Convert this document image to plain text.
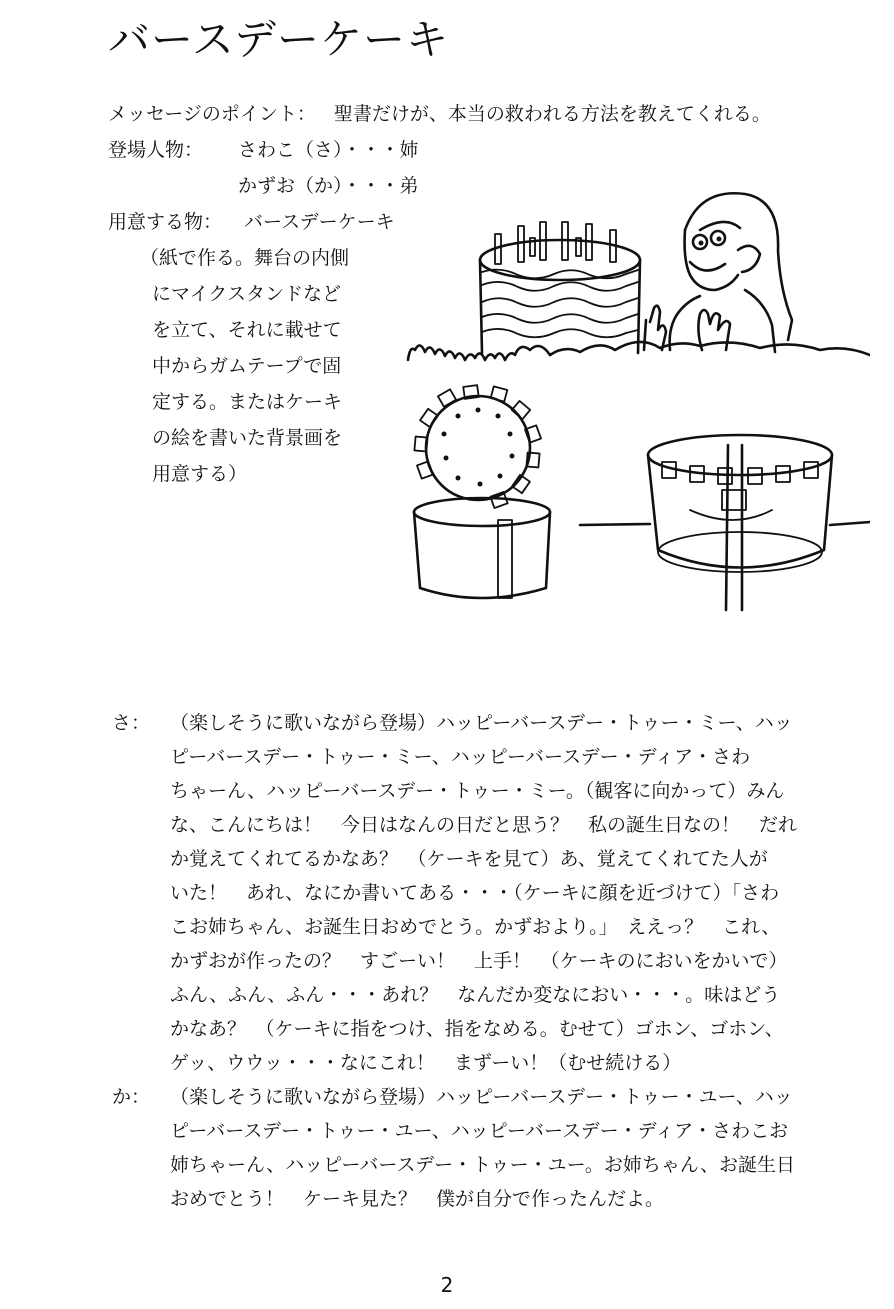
バースデーケーキ
メッセージのポイント： 聖書だけが、本当の救われる方法を教えてくれる。
登場人物： さわこ（さ）・・・姉
かずお（か）・・・弟
用意する物： バースデーケーキ
（紙で作る。舞台の内側
にマイクスタンドなど
を立て、それに載せて
中からガムテープで固
定する。またはケーキ
の絵を書いた背景画を
用意する）
さ： （楽しそうに歌いながら登場）ハッピーバースデー・トゥー・ミー、ハッ
ピーバースデー・トゥー・ミー、ハッピーバースデー・ディア・さわ
ちゃーん、ハッピーバースデー・トゥー・ミー。（観客に向かって）みん
な、こんにちは！　今日はなんの日だと思う？　私の誕生日なの！　だれ
か覚えてくれてるかなあ？　（ケーキを見て）あ、覚えてくれてた人が
いた！　あれ、なにか書いてある・・・（ケーキに顔を近づけて）「さわ
こお姉ちゃん、お誕生日おめでとう。かずおより。」　ええっ？　これ、
かずおが作ったの？　すごーい！　上手！　（ケーキのにおいをかいで）
ふん、ふん、ふん・・・あれ？　なんだか変なにおい・・・。味はどう
かなあ？　（ケーキに指をつけ、指をなめる。むせて）ゴホン、ゴホン、
ゲッ、ウウッ・・・なにこれ！　まずーい！（むせ続ける）
か： （楽しそうに歌いながら登場）ハッピーバースデー・トゥー・ユー、ハッ
ピーバースデー・トゥー・ユー、ハッピーバースデー・ディア・さわこお
姉ちゃーん、ハッピーバースデー・トゥー・ユー。お姉ちゃん、お誕生日
おめでとう！　ケーキ見た？　僕が自分で作ったんだよ。
2
